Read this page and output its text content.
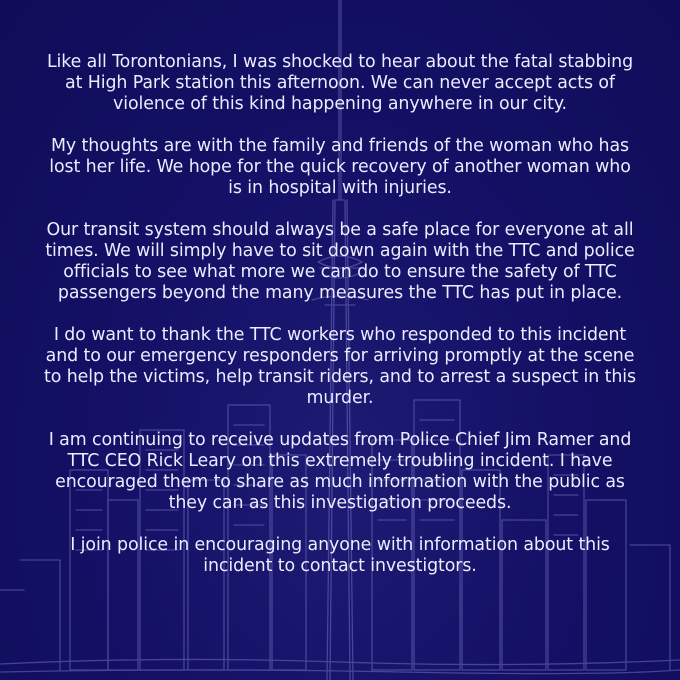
Like all Torontonians, I was shocked to hear about the fatal stabbing at High Park station this afternoon. We can never accept acts of violence of this kind happening anywhere in our city.

My thoughts are with the family and friends of the woman who has lost her life. We hope for the quick recovery of another woman who is in hospital with injuries.

Our transit system should always be a safe place for everyone at all times. We will simply have to sit down again with the TTC and police officials to see what more we can do to ensure the safety of TTC passengers beyond the many measures the TTC has put in place.

I do want to thank the TTC workers who responded to this incident and to our emergency responders for arriving promptly at the scene to help the victims, help transit riders, and to arrest a suspect in this murder.

I am continuing to receive updates from Police Chief Jim Ramer and TTC CEO Rick Leary on this extremely troubling incident. I have encouraged them to share as much information with the public as they can as this investigation proceeds.

I join police in encouraging anyone with information about this incident to contact investigtors.
